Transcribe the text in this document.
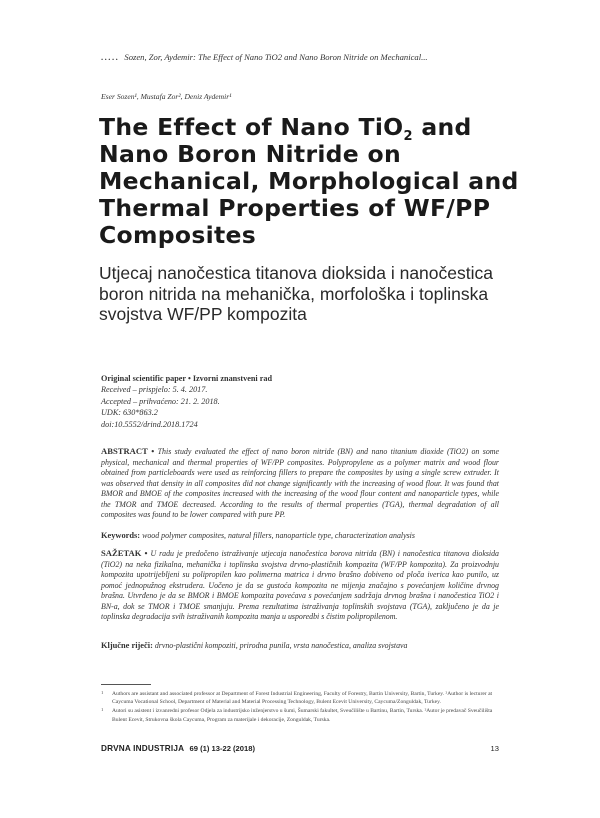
..... Sozen, Zor, Aydemir: The Effect of Nano TiO2 and Nano Boron Nitride on Mechanical...
Eser Sozen¹, Mustafa Zor², Deniz Aydemir¹
The Effect of Nano TiO$_2$ and Nano Boron Nitride on Mechanical, Morphological and Thermal Properties of WF/PP Composites
Utjecaj nanočestica titanova dioksida i nanočestica boron nitrida na mehanička, morfološka i toplinska svojstva WF/PP kompozita
Original scientific paper • Izvorni znanstveni rad
Received – prispjelo: 5. 4. 2017.
Accepted – prihvaćeno: 21. 2. 2018.
UDK: 630*863.2
doi:10.5552/drind.2018.1724
ABSTRACT • This study evaluated the effect of nano boron nitride (BN) and nano titanium dioxide (TiO2) on some physical, mechanical and thermal properties of WF/PP composites. Polypropylene as a polymer matrix and wood flour obtained from particleboards were used as reinforcing fillers to prepare the composites by using a single screw extruder. It was observed that density in all composites did not change significantly with the increasing of wood flour. It was found that BMOR and BMOE of the composites increased with the increasing of the wood flour content and nanoparticle types, while the TMOR and TMOE decreased. According to the results of thermal properties (TGA), thermal degradation of all composites was found to be lower compared with pure PP.
Keywords: wood polymer composites, natural fillers, nanoparticle type, characterization analysis
SAŽETAK • U radu je predočeno istraživanje utjecaja nanočestica borova nitrida (BN) i nanočestica titanova dioksida (TiO2) na neka fizikalna, mehanička i toplinska svojstva drvno-plastičnih kompozita (WF/PP kompozita). Za proizvodnju kompozita upotrijebljeni su polipropilen kao polimerna matrica i drvno brašno dobiveno od ploča iverica kao punilo, uz pomoć jednopužnog ekstrudera. Uočeno je da se gustoća kompozita ne mijenja značajno s povećanjem količine drvnog brašna. Utvrđeno je da se BMOR i BMOE kompozita povećava s povećanjem sadržaja drvnog brašna i nanočestica TiO2 i BN-a, dok se TMOR i TMOE smanjuju. Prema rezultatima istraživanja toplinskih svojstava (TGA), zaključeno je da je toplinska degradacija svih istraživanih kompozita manja u usporedbi s čistim polipropilenom.
Ključne riječi: drvno-plastični kompoziti, prirodna punila, vrsta nanočestica, analiza svojstava
1 Authors are assistant and associated professor at Department of Forest Industrial Engineering, Faculty of Forestry, Bartin University, Bartin, Turkey. ²Author is lecturer at Caycuma Vocational School, Department of Material and Material Processing Technology, Bulent Ecevit University, Caycuma/Zonguldak, Turkey.
1 Autori su asistent i izvanredni profesor Odjela za industrijsko inženjerstvo u šumi, Šumarski fakultet, Sveučilište u Bartinu, Bartin, Turska. ²Autor je predavač Sveučilišta Bulent Ecevit, Strukovna škola Caycuma, Program za materijale i dekoracije, Zonguldak, Turska.
DRVNA INDUSTRIJA 69 (1) 13-22 (2018)	13
